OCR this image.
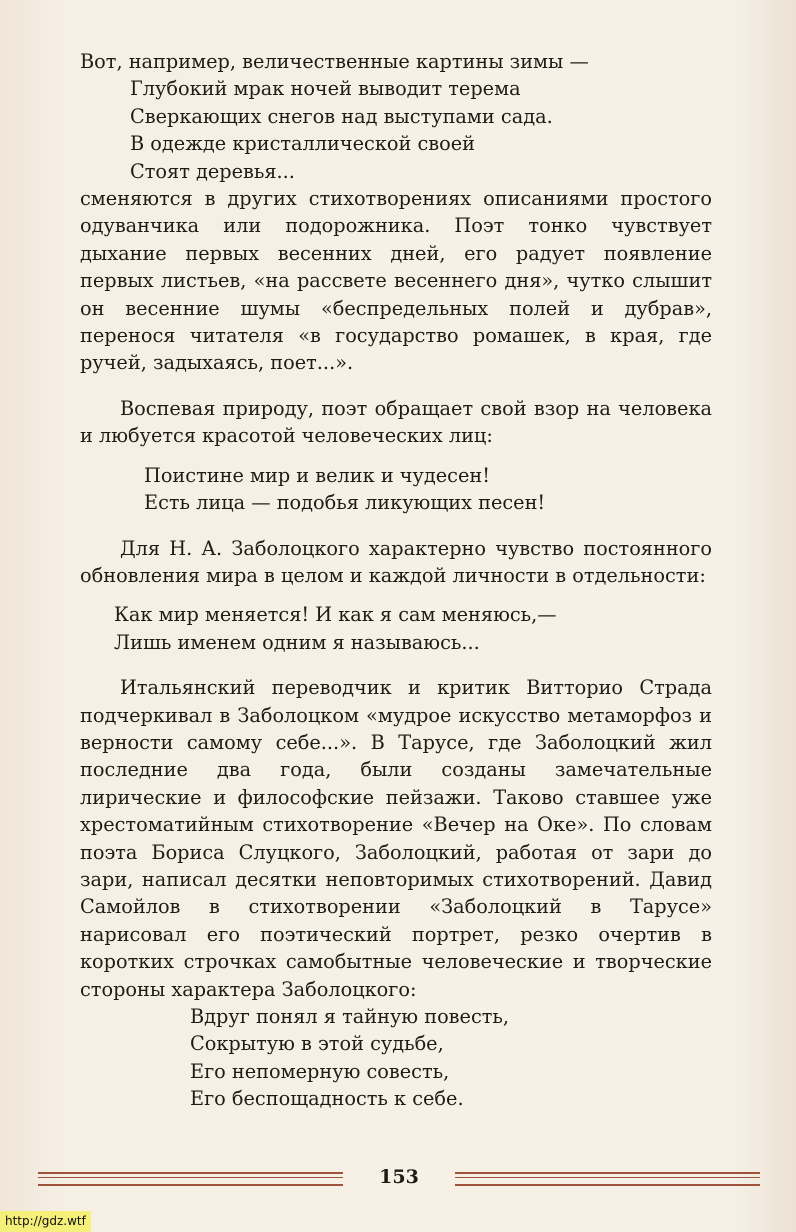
Вот, например, величественные картины зимы —

Глубокий мрак ночей выводит терема
Сверкающих снегов над выступами сада.
В одежде кристаллической своей
Стоят деревья...

сменяются в других стихотворениях описаниями простого одуванчика или подорожника. Поэт тонко чувствует дыхание первых весенних дней, его радует появление первых листьев, «на рассвете весеннего дня», чутко слышит он весенние шумы «беспредельных полей и дубрав», перенося читателя «в государство ромашек, в края, где ручей, задыхаясь, поет...».

Воспевая природу, поэт обращает свой взор на человека и любуется красотой человеческих лиц:

Поистине мир и велик и чудесен!
Есть лица — подобья ликующих песен!

Для Н. А. Заболоцкого характерно чувство постоянного обновления мира в целом и каждой личности в отдельности:

Как мир меняется! И как я сам меняюсь,—
Лишь именем одним я называюсь...

Итальянский переводчик и критик Витторио Страда подчеркивал в Заболоцком «мудрое искусство метаморфоз и верности самому себе...». В Тарусе, где Заболоцкий жил последние два года, были созданы замечательные лирические и философские пейзажи. Таково ставшее уже хрестоматийным стихотворение «Вечер на Оке». По словам поэта Бориса Слуцкого, Заболоцкий, работая от зари до зари, написал десятки неповторимых стихотворений. Давид Самойлов в стихотворении «Заболоцкий в Тарусе» нарисовал его поэтический портрет, резко очертив в коротких строчках самобытные человеческие и творческие стороны характера Заболоцкого:

Вдруг понял я тайную повесть,
Сокрытую в этой судьбе,
Его непомерную совесть,
Его беспощадность к себе.
153
http://gdz.wtf
